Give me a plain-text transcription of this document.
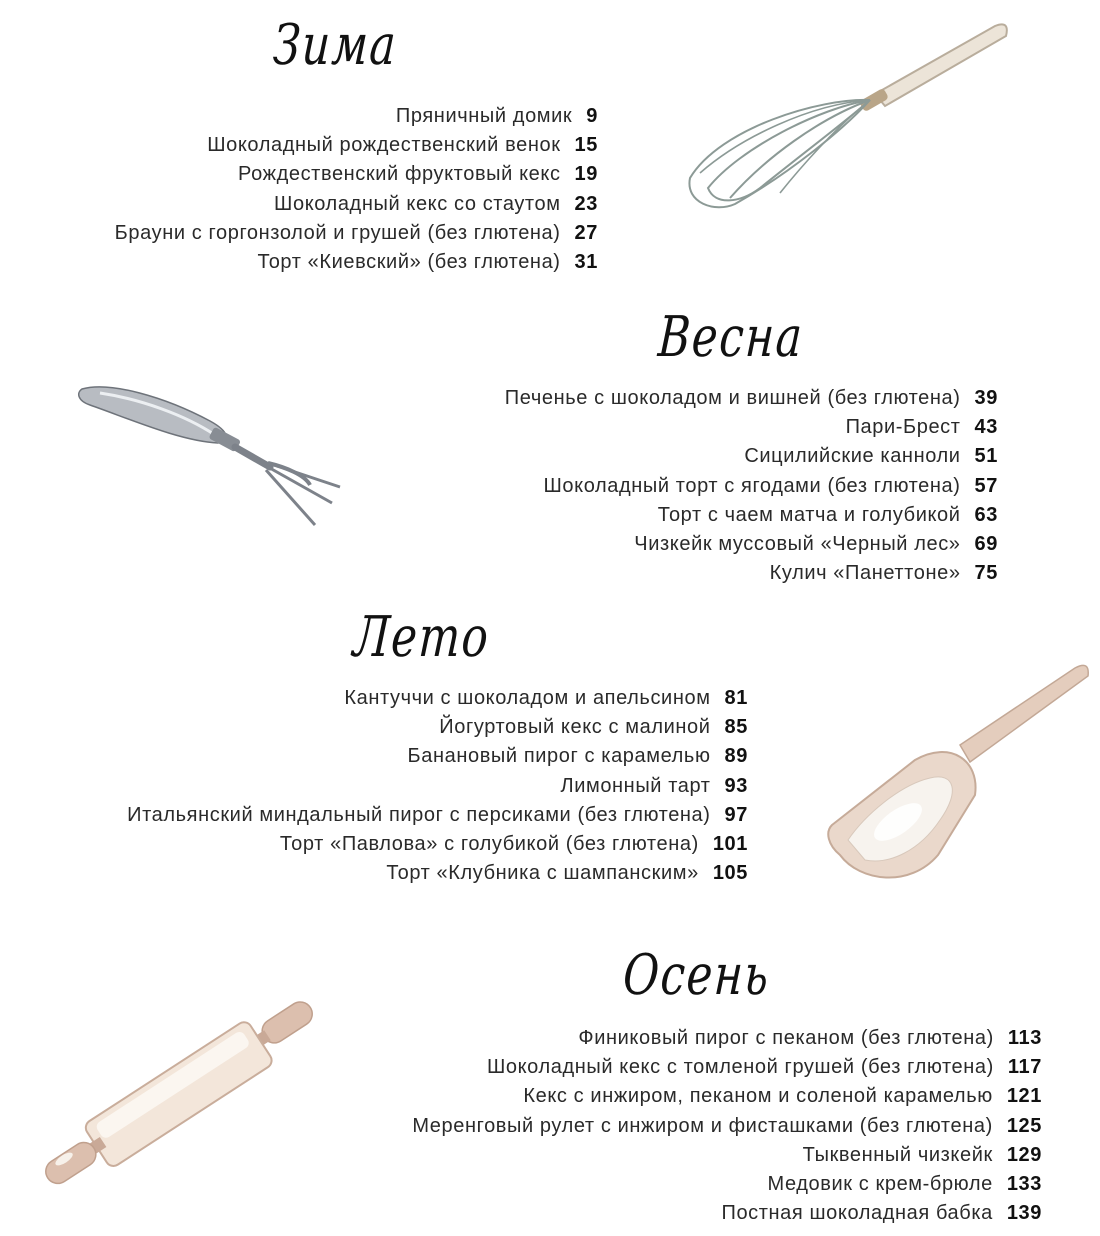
Зима
Пряничный домик 9
Шоколадный рождественский венок 15
Рождественский фруктовый кекс 19
Шоколадный кекс со стаутом 23
Брауни с горгонзолой и грушей (без глютена) 27
Торт «Киевский» (без глютена) 31
Весна
Печенье с шоколадом и вишней (без глютена) 39
Пари-Брест 43
Сицилийские канноли 51
Шоколадный торт с ягодами (без глютена) 57
Торт с чаем матча и голубикой 63
Чизкейк муссовый «Черный лес» 69
Кулич «Панеттоне» 75
Лето
Кантуччи с шоколадом и апельсином 81
Йогуртовый кекс с малиной 85
Банановый пирог с карамелью 89
Лимонный тарт 93
Итальянский миндальный пирог с персиками (без глютена) 97
Торт «Павлова» с голубикой (без глютена) 101
Торт «Клубника с шампанским» 105
Осень
Финиковый пирог с пеканом (без глютена) 113
Шоколадный кекс с томленой грушей (без глютена) 117
Кекс с инжиром, пеканом и соленой карамелью 121
Меренговый рулет с инжиром и фисташками (без глютена) 125
Тыквенный чизкейк 129
Медовик с крем-брюле 133
Постная шоколадная бабка 139
